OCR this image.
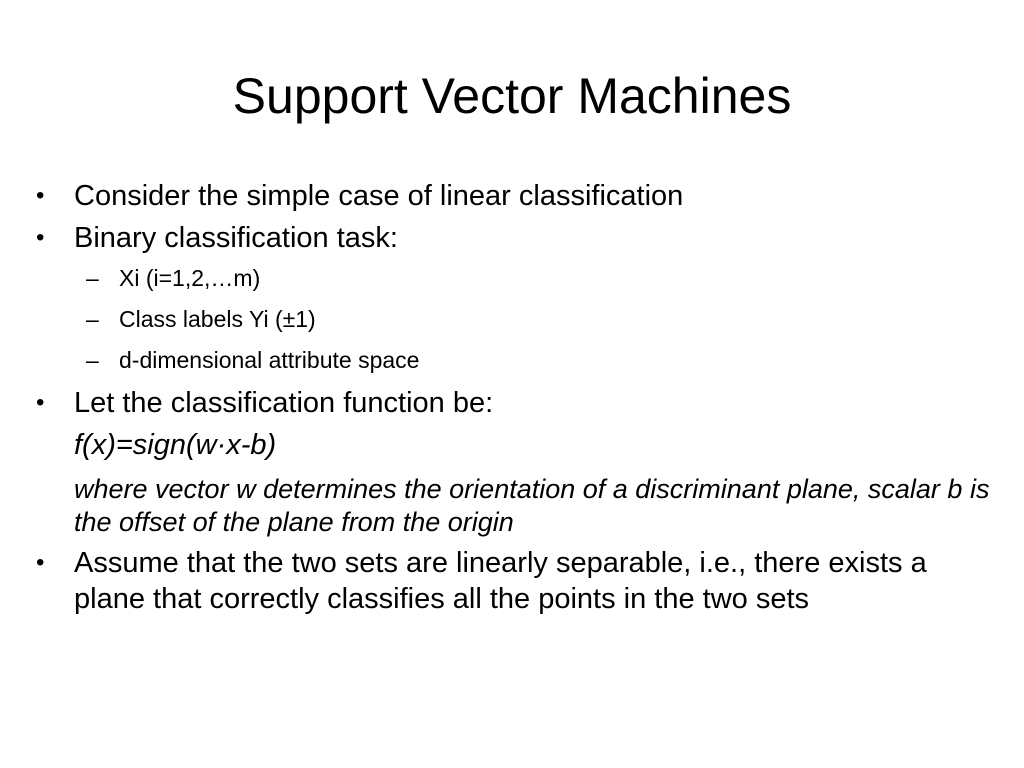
Support Vector Machines
• Consider the simple case of linear classification
• Binary classification task:
– Xi (i=1,2,…m)
– Class labels Yi (±1)
– d-dimensional attribute space
• Let the classification function be:
f(x)=sign(w·x-b)
where vector w determines the orientation of a discriminant plane, scalar b is the offset of the plane from the origin
• Assume that the two sets are linearly separable, i.e., there exists a plane that correctly classifies all the points in the two sets
